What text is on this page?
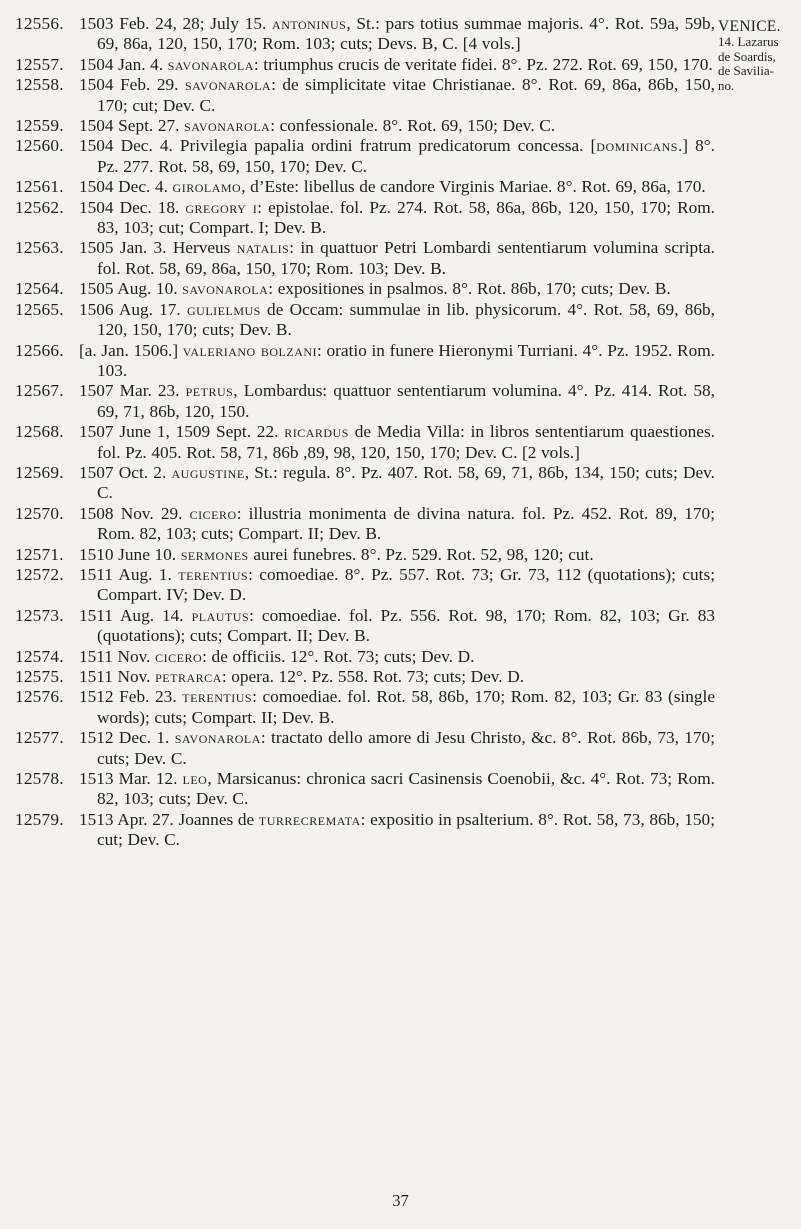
12556. 1503 Feb. 24, 28; July 15. antoninus, St.: pars totius summae majoris. 4°. Rot. 59a, 59b, 69, 86a, 120, 150, 170; Rom. 103; cuts; Devs. B, C. [4 vols.]
12557. 1504 Jan. 4. savonarola: triumphus crucis de veritate fidei. 8°. Pz. 272. Rot. 69, 150, 170.
12558. 1504 Feb. 29. savonarola: de simplicitate vitae Christianae. 8°. Rot. 69, 86a, 86b, 150, 170; cut; Dev. C.
12559. 1504 Sept. 27. savonarola: confessionale. 8°. Rot. 69, 150; Dev. C.
12560. 1504 Dec. 4. Privilegia papalia ordini fratrum predicatorum concessa. [dominicans.] 8°. Pz. 277. Rot. 58, 69, 150, 170; Dev. C.
12561. 1504 Dec. 4. girolamo, d’Este: libellus de candore Virginis Mariae. 8°. Rot. 69, 86a, 170.
12562. 1504 Dec. 18. gregory i: epistolae. fol. Pz. 274. Rot. 58, 86a, 86b, 120, 150, 170; Rom. 83, 103; cut; Compart. I; Dev. B.
12563. 1505 Jan. 3. Herveus natalis: in quattuor Petri Lombardi sententiarum volumina scripta. fol. Rot. 58, 69, 86a, 150, 170; Rom. 103; Dev. B.
12564. 1505 Aug. 10. savonarola: expositiones in psalmos. 8°. Rot. 86b, 170; cuts; Dev. B.
12565. 1506 Aug. 17. gulielmus de Occam: summulae in lib. physicorum. 4°. Rot. 58, 69, 86b, 120, 150, 170; cuts; Dev. B.
12566. [a. Jan. 1506.] valeriano bolzani: oratio in funere Hieronymi Turriani. 4°. Pz. 1952. Rom. 103.
12567. 1507 Mar. 23. petrus, Lombardus: quattuor sententiarum volumina. 4°. Pz. 414. Rot. 58, 69, 71, 86b, 120, 150.
12568. 1507 June 1, 1509 Sept. 22. ricardus de Media Villa: in libros sententiarum quaestiones. fol. Pz. 405. Rot. 58, 71, 86b ,89, 98, 120, 150, 170; Dev. C. [2 vols.]
12569. 1507 Oct. 2. augustine, St.: regula. 8°. Pz. 407. Rot. 58, 69, 71, 86b, 134, 150; cuts; Dev. C.
12570. 1508 Nov. 29. cicero: illustria monimenta de divina natura. fol. Pz. 452. Rot. 89, 170; Rom. 82, 103; cuts; Compart. II; Dev. B.
12571. 1510 June 10. sermones aurei funebres. 8°. Pz. 529. Rot. 52, 98, 120; cut.
12572. 1511 Aug. 1. terentius: comoediae. 8°. Pz. 557. Rot. 73; Gr. 73, 112 (quotations); cuts; Compart. IV; Dev. D.
12573. 1511 Aug. 14. plautus: comoediae. fol. Pz. 556. Rot. 98, 170; Rom. 82, 103; Gr. 83 (quotations); cuts; Compart. II; Dev. B.
12574. 1511 Nov. cicero: de officiis. 12°. Rot. 73; cuts; Dev. D.
12575. 1511 Nov. petrarca: opera. 12°. Pz. 558. Rot. 73; cuts; Dev. D.
12576. 1512 Feb. 23. terentius: comoediae. fol. Rot. 58, 86b, 170; Rom. 82, 103; Gr. 83 (single words); cuts; Compart. II; Dev. B.
12577. 1512 Dec. 1. savonarola: tractato dello amore di Jesu Christo, &c. 8°. Rot. 86b, 73, 170; cuts; Dev. C.
12578. 1513 Mar. 12. leo, Marsicanus: chronica sacri Casinensis Coenobii, &c. 4°. Rot. 73; Rom. 82, 103; cuts; Dev. C.
12579. 1513 Apr. 27. Joannes de turrecremata: expositio in psalterium. 8°. Rot. 58, 73, 86b, 150; cut; Dev. C.
VENICE.
14. Lazarus
de Soardis,
de Savilia-
no.
37
